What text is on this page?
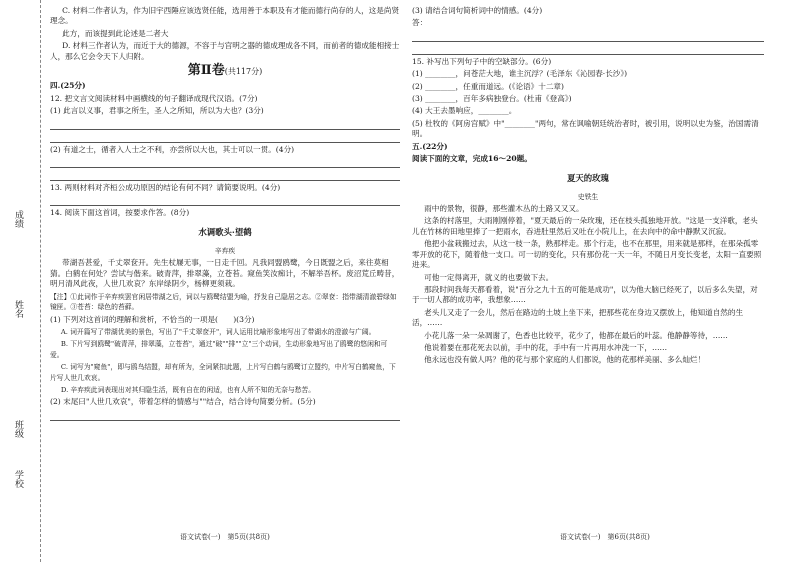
成绩
姓名
班级
学校

C. 材料二作者认为，作为旧宇西陲应该选贤任能，选用善于本职及有才能而德行尚存的人，这是尚贤理念。

此方，而该提到此论述是二者大

D. 材料三作者认为，而近于大的德源，不容于与宫明之器的德成理成各不同，而前者的德成能相接士人，那么它会令天下人归附。

第Ⅱ卷(共117分)

四.(25分)

12. 把文言文阅读材料中画横线的句子翻译成现代汉语。(7分)

(1) 此言以义事，君事之所生，圣人之所知，所以为大也？(3分)

(2) 有道之士，循者入人士之不利，亦尝所以大也，其士可以一贯。(4分)

13. 两则材料对齐桓公成功原因的结论有何不同？请简要说明。(4分)

14. 阅读下面这首词，按要求作答。(8分)

水调歌头·望鹤

辛弃疾

带湖吾甚爱，千丈翠奁开。先生杖屦无事，一日走千回。凡我同盟鸥鹭，今日既盟之后，来往莫相猜。白鹤在何处？尝试与偕来。破青萍，排翠藻，立苍苔。窥鱼笑汝痴计，不解举吾杯。废沼荒丘畴昔，明月清风此夜，人世几欢哀？东岸绿阴少，杨柳更须栽。

【注】①此词作于辛弃疾罢官闲居带湖之后，词以与鸥鹭结盟为喻，抒发自己隐居之志。②翠奁：指带湖清澈碧绿如镜匣。③苍苔：绿色的苔藓。

(1) 下列对这首词的理解和赏析，不恰当的一项是(　　)(3分)

A. 词开篇写了带湖优美的景色，写出了"千丈翠奁开"，词人运用比喻形象地写出了带湖水的澄澈与广阔。

B. 下片写到鸥鹭"破青萍，排翠藻，立苍苔"，通过"破""排""立"三个动词，生动形象地写出了鸥鹭的悠闲和可爱。

C. 词写为"窥鱼"，即与鸥鸟结盟，却有所为，全词紧扣此题，上片写白鹤与鸥鹭订立盟约，中片写白鹤窥鱼，下片写人世几欢哀。

D. 辛弃疾此词表现出对其归隐生活，既有自在的闲适，也有人所不知的无奈与愁苦。

(2) 末尾曰"人世几欢哀"，带着怎样的情感与""结合，结合诗句简要分析。(5分)

(3) 请结合词句简析词中的情感。(4分)

答：

15. 补写出下列句子中的空缺部分。(6分)

(1) ________，问苍茫大地，谁主沉浮？(毛泽东《沁园春·长沙》)

(2) ________，任重而道远。(《论语》十二章)

(3) ________，百年多病独登台。(杜甫《登高》)

(4) 大王去墨响应，________。

(5) 杜牧的《阿房宫赋》中"________"两句，常在讽喻朝廷统治者时，被引用，说明以史为鉴，治国需清明。

五.(22分)

阅读下面的文章，完成16～20题。

夏天的玫瑰

史铁生

雨中的景物，很静，那些灌木丛的土路又又又。

这条的村落里，大雨刚刚停着，"夏天最后的一朵玫瑰，还在枝头孤独地开放。"这是一支洋歌，老头儿在竹林的田地里捧了一把雨水，吞进肚里然后又吐在小院儿上，在去向中的命中静默又沉寂。

他把小盆栽搬过去，从这一枝一条，熟那样走。那个行走，也不在那里，用来就是那样，在那朵孤零零开放的花下，随着他一支口。可一切的变化，只有那份花一天一年，不随日月变长变老，太阳一直要照进来。

可他一定得离开，就义的也要做下去。

那段时间我每天都看着，说"百分之九十五的可能是成功"，以为他大脑已经死了，以后多么失望，对于一切人都的成功率，我想象……

老头儿又走了一会儿，然后在路边的土坡上坐下来，把那些花在身边又摆放上，他知道自然的生活，……

小花儿落一朵一朵凋谢了，色香也比较平，花少了，他都在最后的叶蕊。他静静等待，……

他说着要在那花死去以前，手中的花，手中有一片再用水冲洗一下，……

他永远也没有做人吗？他的花与那个家庭的人们都说，他的花那样美丽、多么灿烂！

语文试卷(一)　第5页(共8页)	语文试卷(一)　第6页(共8页)
